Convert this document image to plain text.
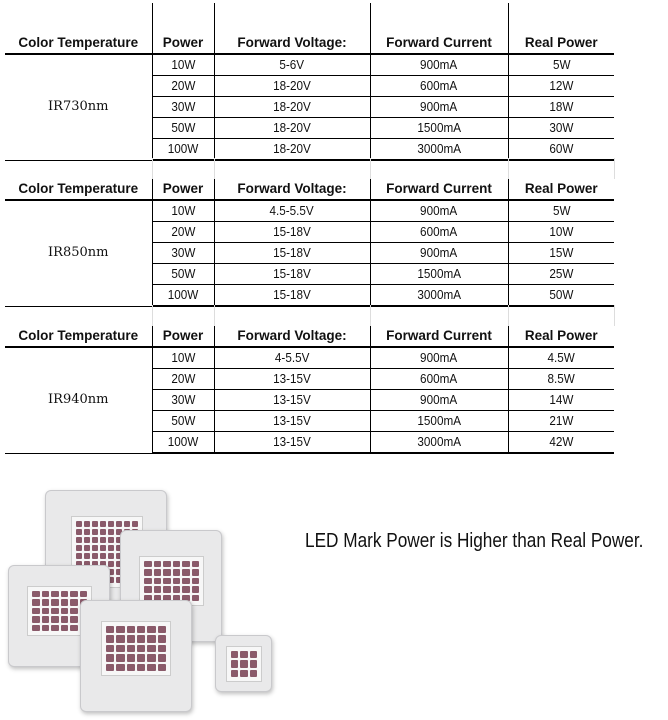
Color Temperature	Power	Forward Voltage:	Forward Current	Real Power
IR730nm	10W	5-6V	900mA	5W
	20W	18-20V	600mA	12W
	30W	18-20V	900mA	18W
	50W	18-20V	1500mA	30W
	100W	18-20V	3000mA	60W
Color Temperature	Power	Forward Voltage:	Forward Current	Real Power
IR850nm	10W	4.5-5.5V	900mA	5W
	20W	15-18V	600mA	10W
	30W	15-18V	900mA	15W
	50W	15-18V	1500mA	25W
	100W	15-18V	3000mA	50W
Color Temperature	Power	Forward Voltage:	Forward Current	Real Power
IR940nm	10W	4-5.5V	900mA	4.5W
	20W	13-15V	600mA	8.5W
	30W	13-15V	900mA	14W
	50W	13-15V	1500mA	21W
	100W	13-15V	3000mA	42W
LED Mark Power is Higher than Real Power.
